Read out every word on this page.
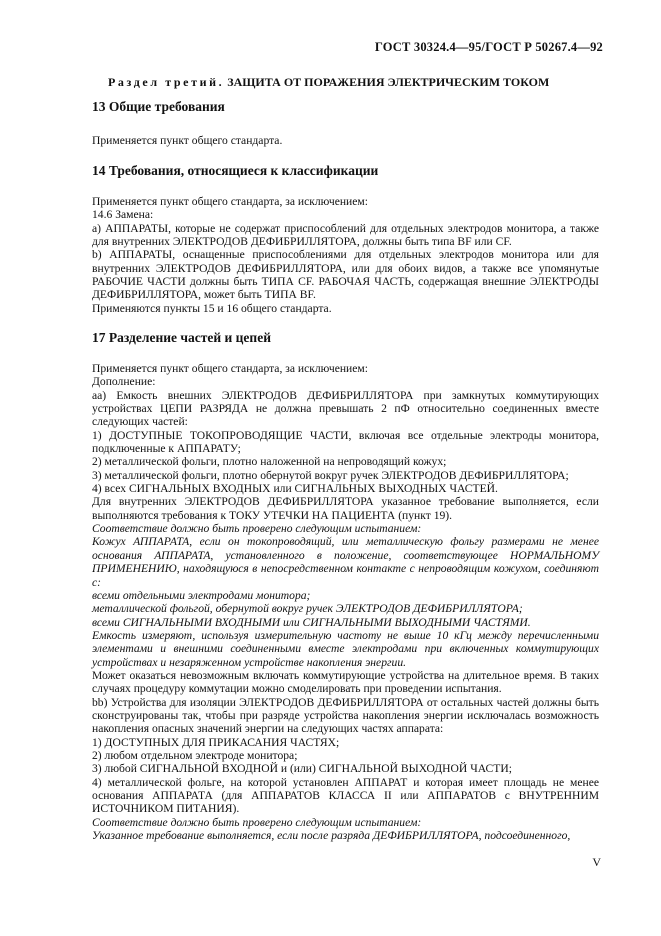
ГОСТ 30324.4—95/ГОСТ Р 50267.4—92
Раздел третий. ЗАЩИТА ОТ ПОРАЖЕНИЯ ЭЛЕКТРИЧЕСКИМ ТОКОМ
13 Общие требования

Применяется пункт общего стандарта.

14 Требования, относящиеся к классификации

Применяется пункт общего стандарта, за исключением:

14.6 Замена:

а) АППАРАТЫ, которые не содержат приспособлений для отдельных электродов монитора, а также для внутренних ЭЛЕКТРОДОВ ДЕФИБРИЛЛЯТОРА, должны быть типа BF или CF.

b) АППАРАТЫ, оснащенные приспособлениями для отдельных электродов монитора или для внутренних ЭЛЕКТРОДОВ ДЕФИБРИЛЛЯТОРА, или для обоих видов, а также все упомянутые РАБОЧИЕ ЧАСТИ должны быть ТИПА CF. РАБОЧАЯ ЧАСТЬ, содержащая внешние ЭЛЕКТРОДЫ ДЕФИБРИЛЛЯТОРА, может быть ТИПА BF.

Применяются пункты 15 и 16 общего стандарта.

17 Разделение частей и цепей

Применяется пункт общего стандарта, за исключением:

Дополнение:

аа) Емкость внешних ЭЛЕКТРОДОВ ДЕФИБРИЛЛЯТОРА при замкнутых коммутирующих устройствах ЦЕПИ РАЗРЯДА не должна превышать 2 пФ относительно соединенных вместе следующих частей:

1) ДОСТУПНЫЕ ТОКОПРОВОДЯЩИЕ ЧАСТИ, включая все отдельные электроды монитора, подключенные к АППАРАТУ;

2) металлической фольги, плотно наложенной на непроводящий кожух;

3) металлической фольги, плотно обернутой вокруг ручек ЭЛЕКТРОДОВ ДЕФИБРИЛЛЯТОРА;

4) всех СИГНАЛЬНЫХ ВХОДНЫХ или СИГНАЛЬНЫХ ВЫХОДНЫХ ЧАСТЕЙ.

Для внутренних ЭЛЕКТРОДОВ ДЕФИБРИЛЛЯТОРА указанное требование выполняется, если выполняются требования к ТОКУ УТЕЧКИ НА ПАЦИЕНТА (пункт 19).

Соответствие должно быть проверено следующим испытанием:

Кожух АППАРАТА, если он токопроводящий, или металлическую фольгу размерами не менее основания АППАРАТА, установленного в положение, соответствующее НОРМАЛЬНОМУ ПРИМЕНЕНИЮ, находящуюся в непосредственном контакте с непроводящим кожухом, соединяют с:

всеми отдельными электродами монитора;

металлической фольгой, обернутой вокруг ручек ЭЛЕКТРОДОВ ДЕФИБРИЛЛЯТОРА;

всеми СИГНАЛЬНЫМИ ВХОДНЫМИ или СИГНАЛЬНЫМИ ВЫХОДНЫМИ ЧАСТЯМИ.

Емкость измеряют, используя измерительную частоту не выше 10 кГц между перечисленными элементами и внешними соединенными вместе электродами при включенных коммутирующих устройствах и незаряженном устройстве накопления энергии.

Может оказаться невозможным включать коммутирующие устройства на длительное время. В таких случаях процедуру коммутации можно смоделировать при проведении испытания.

bb) Устройства для изоляции ЭЛЕКТРОДОВ ДЕФИБРИЛЛЯТОРА от остальных частей должны быть сконструированы так, чтобы при разряде устройства накопления энергии исключалась возможность накопления опасных значений энергии на следующих частях аппарата:

1) ДОСТУПНЫХ ДЛЯ ПРИКАСАНИЯ ЧАСТЯХ;

2) любом отдельном электроде монитора;

3) любой СИГНАЛЬНОЙ ВХОДНОЙ и (или) СИГНАЛЬНОЙ ВЫХОДНОЙ ЧАСТИ;

4) металлической фольге, на которой установлен АППАРАТ и которая имеет площадь не менее основания АППАРАТА (для АППАРАТОВ КЛАССА II или АППАРАТОВ с ВНУТРЕННИМ ИСТОЧНИКОМ ПИТАНИЯ).

Соответствие должно быть проверено следующим испытанием:

Указанное требование выполняется, если после разряда ДЕФИБРИЛЛЯТОРА, подсоединенного,

V
